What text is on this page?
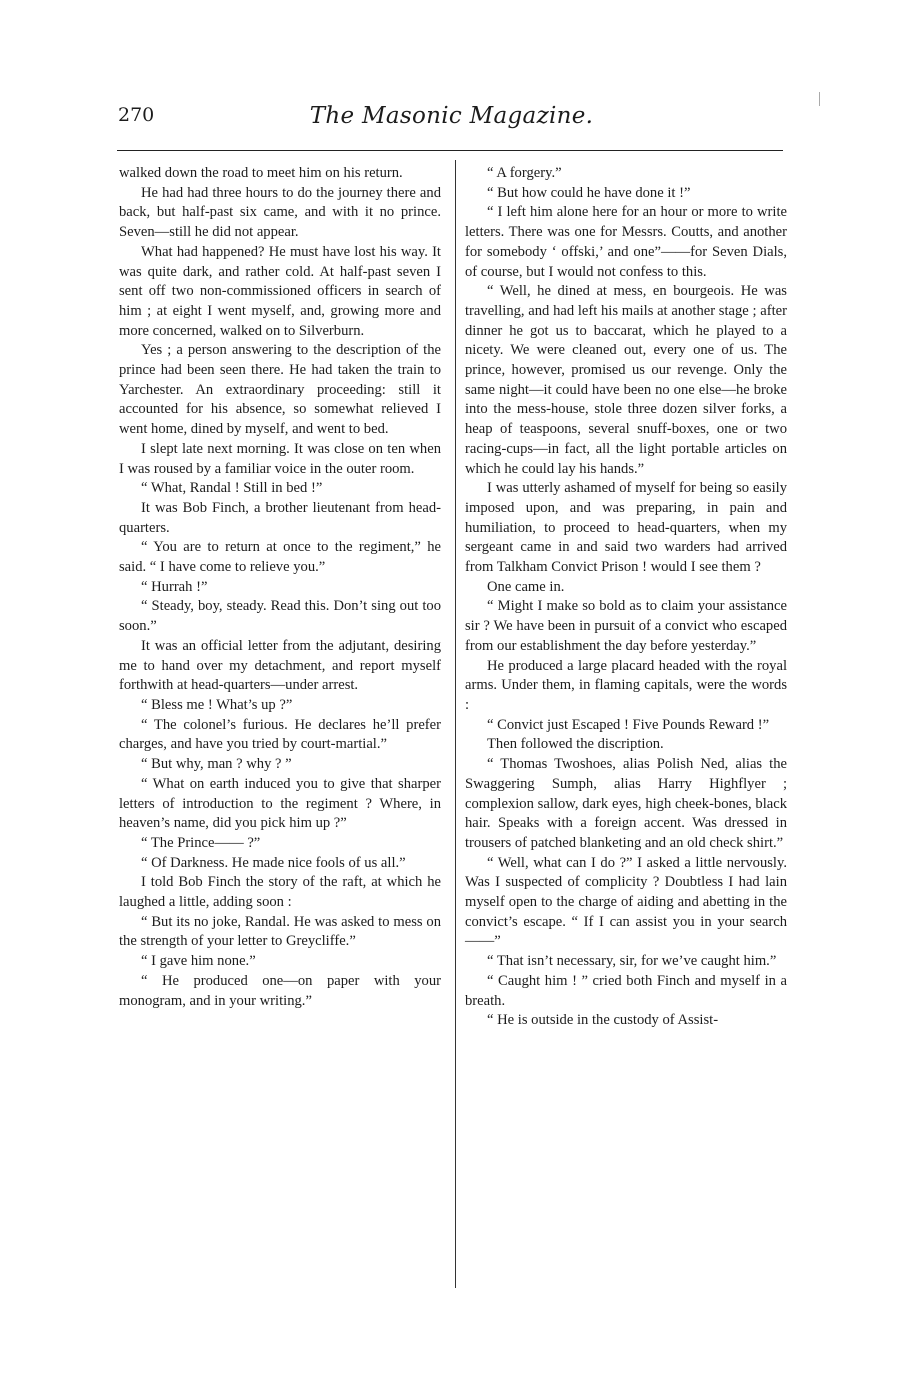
270	The Masonic Magazine.

walked down the road to meet him on his return.

He had had three hours to do the journey there and back, but half-past six came, and with it no prince. Seven—still he did not appear.

What had happened? He must have lost his way. It was quite dark, and rather cold. At half-past seven I sent off two non-commissioned officers in search of him ; at eight I went myself, and, growing more and more concerned, walked on to Silverburn.

Yes ; a person answering to the description of the prince had been seen there. He had taken the train to Yarchester. An extraordinary proceeding: still it accounted for his absence, so somewhat relieved I went home, dined by myself, and went to bed.

I slept late next morning. It was close on ten when I was roused by a familiar voice in the outer room.

“ What, Randal ! Still in bed !”

It was Bob Finch, a brother lieutenant from head-quarters.

“ You are to return at once to the regiment,” he said. “ I have come to relieve you.”

“ Hurrah !”

“ Steady, boy, steady. Read this. Don’t sing out too soon.”

It was an official letter from the adjutant, desiring me to hand over my detachment, and report myself forthwith at head-quarters—under arrest.

“ Bless me ! What’s up ?”

“ The colonel’s furious. He declares he’ll prefer charges, and have you tried by court-martial.”

“ But why, man ? why ? ”

“ What on earth induced you to give that sharper letters of introduction to the regiment ? Where, in heaven’s name, did you pick him up ?”

“ The Prince—— ?”

“ Of Darkness. He made nice fools of us all.”

I told Bob Finch the story of the raft, at which he laughed a little, adding soon :

“ But its no joke, Randal. He was asked to mess on the strength of your letter to Greycliffe.”

“ I gave him none.”

“ He produced one—on paper with your monogram, and in your writing.”

“ A forgery.”

“ But how could he have done it !”

“ I left him alone here for an hour or more to write letters. There was one for Messrs. Coutts, and another for somebody ‘ offski,’ and one”——for Seven Dials, of course, but I would not confess to this.

“ Well, he dined at mess, en bourgeois. He was travelling, and had left his mails at another stage ; after dinner he got us to baccarat, which he played to a nicety. We were cleaned out, every one of us. The prince, however, promised us our revenge. Only the same night—it could have been no one else—he broke into the mess-house, stole three dozen silver forks, a heap of teaspoons, several snuff-boxes, one or two racing-cups—in fact, all the light portable articles on which he could lay his hands.”

I was utterly ashamed of myself for being so easily imposed upon, and was preparing, in pain and humiliation, to proceed to head-quarters, when my sergeant came in and said two warders had arrived from Talkham Convict Prison ! would I see them ?

One came in.

“ Might I make so bold as to claim your assistance sir ? We have been in pursuit of a convict who escaped from our establishment the day before yesterday.”

He produced a large placard headed with the royal arms. Under them, in flaming capitals, were the words :

“ Convict just Escaped ! Five Pounds Reward !”

Then followed the discription.

“ Thomas Twoshoes, alias Polish Ned, alias the Swaggering Sumph, alias Harry Highflyer ; complexion sallow, dark eyes, high cheek-bones, black hair. Speaks with a foreign accent. Was dressed in trousers of patched blanketing and an old check shirt.”

“ Well, what can I do ?” I asked a little nervously. Was I suspected of complicity ? Doubtless I had lain myself open to the charge of aiding and abetting in the convict’s escape. “ If I can assist you in your search——”

“ That isn’t necessary, sir, for we’ve caught him.”

“ Caught him ! ” cried both Finch and myself in a breath.

“ He is outside in the custody of Assist-
